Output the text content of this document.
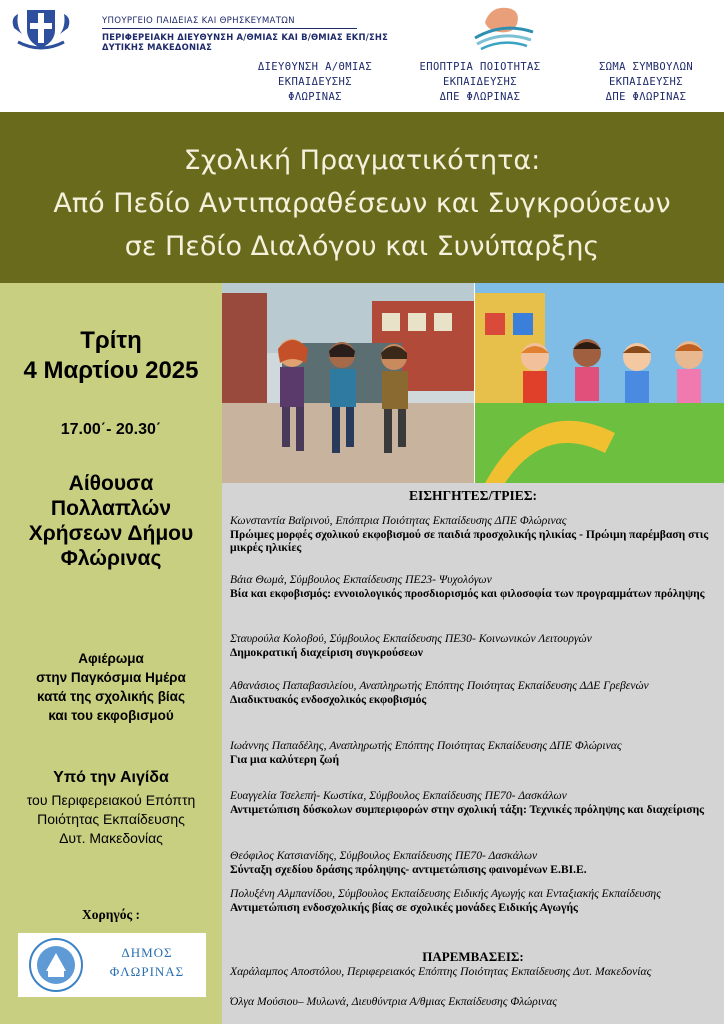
ΥΠΟΥΡΓΕΙΟ ΠΑΙΔΕΙΑΣ ΚΑΙ ΘΡΗΣΚΕΥΜΑΤΩΝ
ΠΕΡΙΦΕΡΕΙΑΚΗ ΔΙΕΥΘΥΝΣΗ Α/ΘΜΙΑΣ ΚΑΙ Β/ΘΜΙΑΣ ΕΚΠ/ΣΗΣ
ΔΥΤΙΚΗΣ ΜΑΚΕΔΟΝΙΑΣ
ΔΙΕΥΘΥΝΣΗ Α/ΘΜΙΑΣ
ΕΚΠΑΙΔΕΥΣΗΣ
ΦΛΩΡΙΝΑΣ
ΕΠΟΠΤΡΙΑ ΠΟΙΟΤΗΤΑΣ
ΕΚΠΑΙΔΕΥΣΗΣ
ΔΠΕ ΦΛΩΡΙΝΑΣ
ΣΩΜΑ ΣΥΜΒΟΥΛΩΝ
ΕΚΠΑΙΔΕΥΣΗΣ
ΔΠΕ ΦΛΩΡΙΝΑΣ
Σχολική Πραγματικότητα:
Από Πεδίο Αντιπαραθέσεων και Συγκρούσεων
σε Πεδίο Διαλόγου και Συνύπαρξης
Τρίτη
4 Μαρτίου 2025
17.00΄- 20.30΄
Αίθουσα
Πολλαπλών
Χρήσεων Δήμου
Φλώρινας
Αφιέρωμα
στην Παγκόσμια Ημέρα
κατά της σχολικής βίας
και του εκφοβισμού
Υπό την Αιγίδα
του Περιφερειακού Επόπτη
Ποιότητας Εκπαίδευσης
Δυτ. Μακεδονίας
Χορηγός :
ΔΗΜΟΣ
ΦΛΩΡΙΝΑΣ
ΕΙΣΗΓΗΤΕΣ/ΤΡΙΕΣ:
Κωνσταντία Βαϊρινού, Επόπτρια Ποιότητας Εκπαίδευσης ΔΠΕ Φλώρινας
Πρώιμες μορφές σχολικού εκφοβισμού σε παιδιά προσχολικής ηλικίας - Πρώιμη παρέμβαση στις μικρές ηλικίες
Βάια Θωμά, Σύμβουλος Εκπαίδευσης ΠΕ23- Ψυχολόγων
Βία και εκφοβισμός: εννοιολογικός προσδιορισμός και φιλοσοφία των προγραμμάτων πρόληψης
Σταυρούλα Κολοβού, Σύμβουλος Εκπαίδευσης ΠΕ30- Κοινωνικών Λειτουργών
Δημοκρατική διαχείριση συγκρούσεων
Αθανάσιος Παπαβασιλείου, Αναπληρωτής Επόπτης Ποιότητας Εκπαίδευσης ΔΔΕ Γρεβενών
Διαδικτυακός ενδοσχολικός εκφοβισμός
Ιωάννης Παπαδέλης, Αναπληρωτής Επόπτης Ποιότητας Εκπαίδευσης ΔΠΕ Φλώρινας
Για μια καλύτερη ζωή
Ευαγγελία Τσελεπή- Κωστίκα, Σύμβουλος Εκπαίδευσης ΠΕ70- Δασκάλων
Αντιμετώπιση δύσκολων συμπεριφορών στην σχολική τάξη: Τεχνικές πρόληψης και διαχείρισης
Θεόφιλος Κατσιανίδης, Σύμβουλος Εκπαίδευσης ΠΕ70- Δασκάλων
Σύνταξη σχεδίου δράσης πρόληψης- αντιμετώπισης φαινομένων Ε.ΒΙ.Ε.
Πολυξένη Αλμπανίδου, Σύμβουλος Εκπαίδευσης Ειδικής Αγωγής και Ενταξιακής Εκπαίδευσης
Αντιμετώπιση ενδοσχολικής βίας σε σχολικές μονάδες Ειδικής Αγωγής
ΠΑΡΕΜΒΑΣΕΙΣ:
Χαράλαμπος Αποστόλου, Περιφερειακός Επόπτης Ποιότητας Εκπαίδευσης Δυτ. Μακεδονίας
Όλγα Μούσιου– Μυλωνά, Διευθύντρια Α/θμιας Εκπαίδευσης Φλώρινας
